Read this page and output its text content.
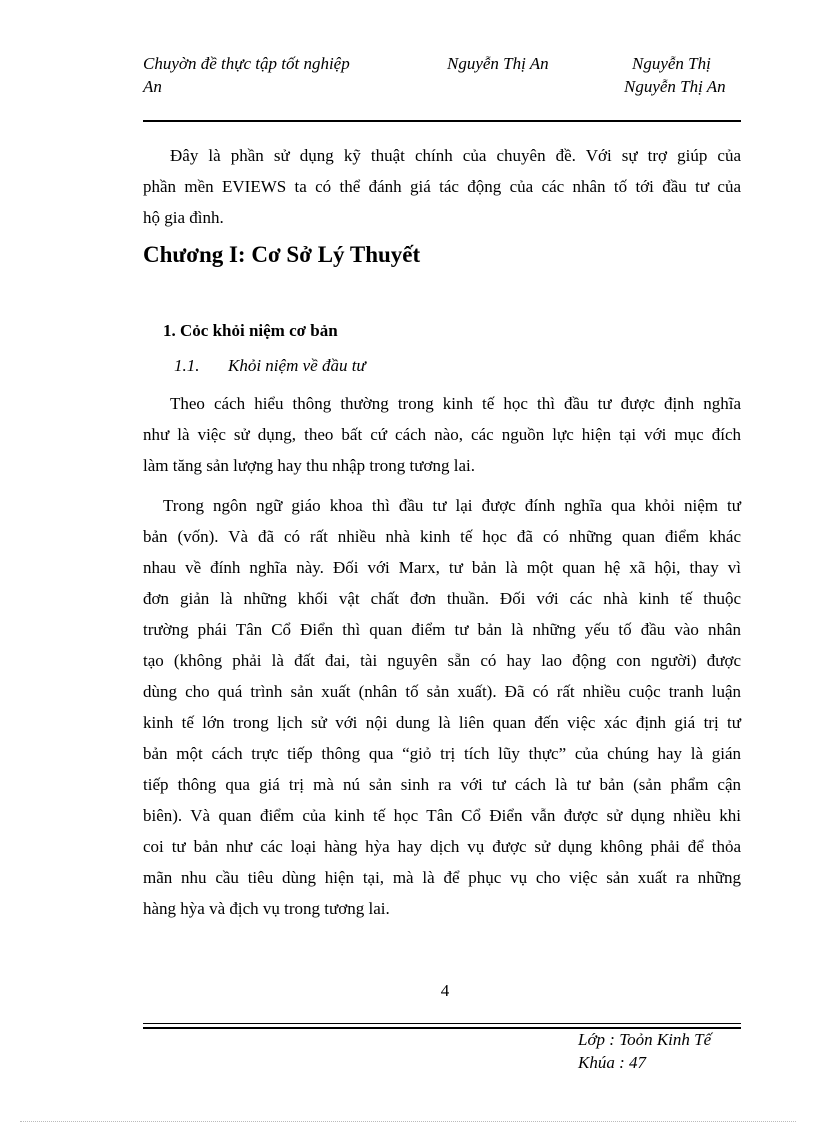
Chuyờn đề thực tập tốt nghiệp	Nguyễn Thị An	Nguyễn Thị
An	Nguyễn Thị An
Đây là phần sử dụng kỹ thuật chính của chuyên đề. Với sự trợ giúp của
phần mền EVIEWS ta có thể đánh giá tác động của các nhân tố tới đầu tư của
hộ gia đình.
Chương I: Cơ Sở Lý Thuyết
1. Cỏc khỏi niệm cơ bản
1.1. Khỏi niệm về đầu tư
Theo cách hiểu thông thường trong kinh tế học thì đầu tư được định nghĩa
như là việc sử dụng, theo bất cứ cách nào, các nguồn lực hiện tại với mục đích
làm tăng sản lượng hay thu nhập trong tương lai.
Trong ngôn ngữ giáo khoa thì đầu tư lại được đính nghĩa qua khỏi niệm tư
bản (vốn). Và đã có rất nhiều nhà kinh tế học đã có những quan điểm khác
nhau về đính nghĩa này. Đối với Marx, tư bản là một quan hệ xã hội, thay vì
đơn giản là những khối vật chất đơn thuần. Đối với các nhà kinh tế thuộc
trường phái Tân Cổ Điển thì quan điểm tư bản là những yếu tố đầu vào nhân
tạo (không phải là đất đai, tài nguyên sẵn có hay lao động con người) được
dùng cho quá trình sản xuất (nhân tố sản xuất). Đã có rất nhiều cuộc tranh luận
kinh tế lớn trong lịch sử với nội dung là liên quan đến việc xác định giá trị tư
bản một cách trực tiếp thông qua “giỏ trị tích lũy thực” của chúng hay là gián
tiếp thông qua giá trị mà nú sản sinh ra với tư cách là tư bản (sản phẩm cận
biên). Và quan điểm của kinh tế học Tân Cổ Điển vẫn được sử dụng nhiều khi
coi tư bản như các loại hàng hỳa hay dịch vụ được sử dụng không phải để thỏa
mãn nhu cầu tiêu dùng hiện tại, mà là để phục vụ cho việc sản xuất ra những
hàng hỳa và địch vụ trong tương lai.
4
Lớp : Toỏn Kinh Tế
Khúa : 47
